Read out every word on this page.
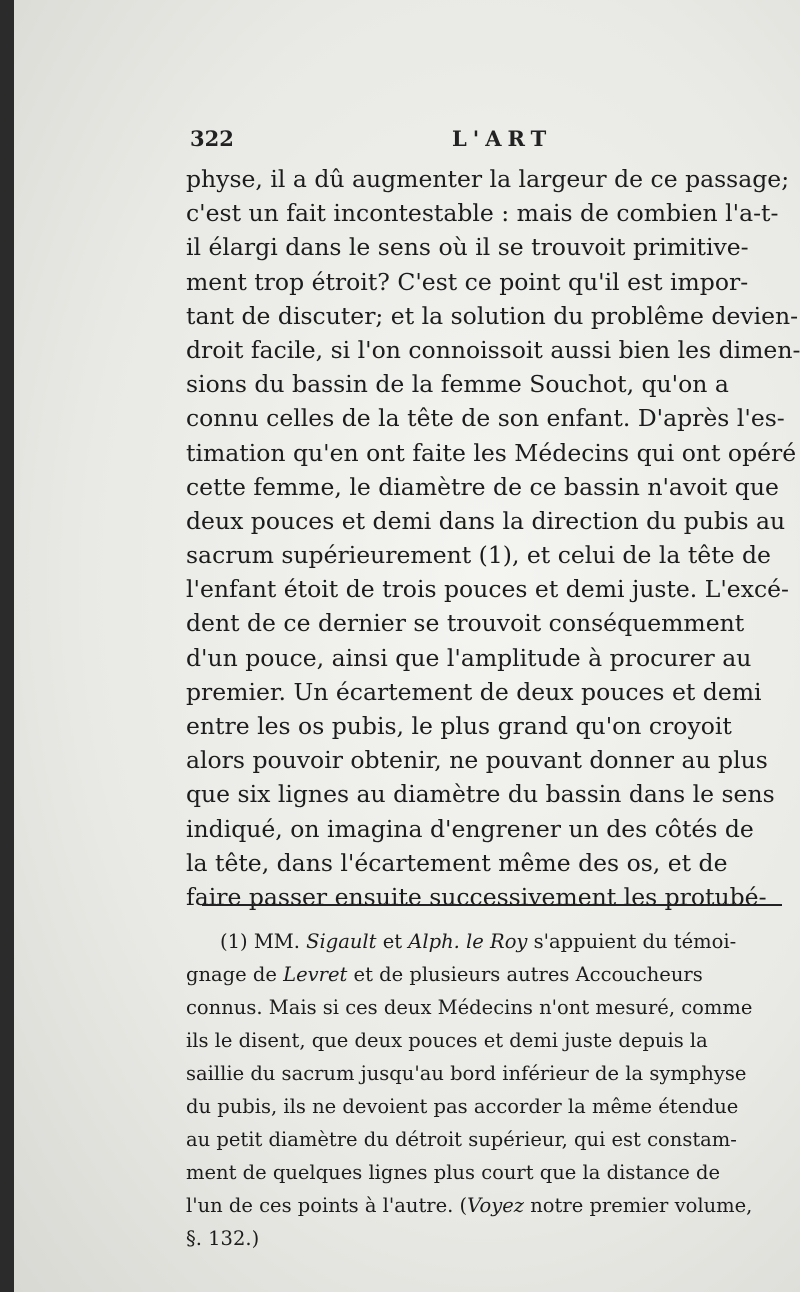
322	L'ART
physe, il a dû augmenter la largeur de ce passage;
c'est un fait incontestable : mais de combien l'a-t-
il élargi dans le sens où il se trouvoit primitive-
ment trop étroit? C'est ce point qu'il est impor-
tant de discuter; et la solution du problême devien-
droit facile, si l'on connoissoit aussi bien les dimen-
sions du bassin de la femme Souchot, qu'on a
connu celles de la tête de son enfant. D'après l'es-
timation qu'en ont faite les Médecins qui ont opéré
cette femme, le diamètre de ce bassin n'avoit que
deux pouces et demi dans la direction du pubis au
sacrum supérieurement (1), et celui de la tête de
l'enfant étoit de trois pouces et demi juste. L'excé-
dent de ce dernier se trouvoit conséquemment
d'un pouce, ainsi que l'amplitude à procurer au
premier. Un écartement de deux pouces et demi
entre les os pubis, le plus grand qu'on croyoit
alors pouvoir obtenir, ne pouvant donner au plus
que six lignes au diamètre du bassin dans le sens
indiqué, on imagina d'engrener un des côtés de
la tête, dans l'écartement même des os, et de
faire passer ensuite successivement les protubé-
(1) MM. Sigault et Alph. le Roy s'appuient du témoi-
gnage de Levret et de plusieurs autres Accoucheurs
connus. Mais si ces deux Médecins n'ont mesuré, comme
ils le disent, que deux pouces et demi juste depuis la
saillie du sacrum jusqu'au bord inférieur de la symphyse
du pubis, ils ne devoient pas accorder la même étendue
au petit diamètre du détroit supérieur, qui est constam-
ment de quelques lignes plus court que la distance de
l'un de ces points à l'autre. (Voyez notre premier volume,
§. 132.)
